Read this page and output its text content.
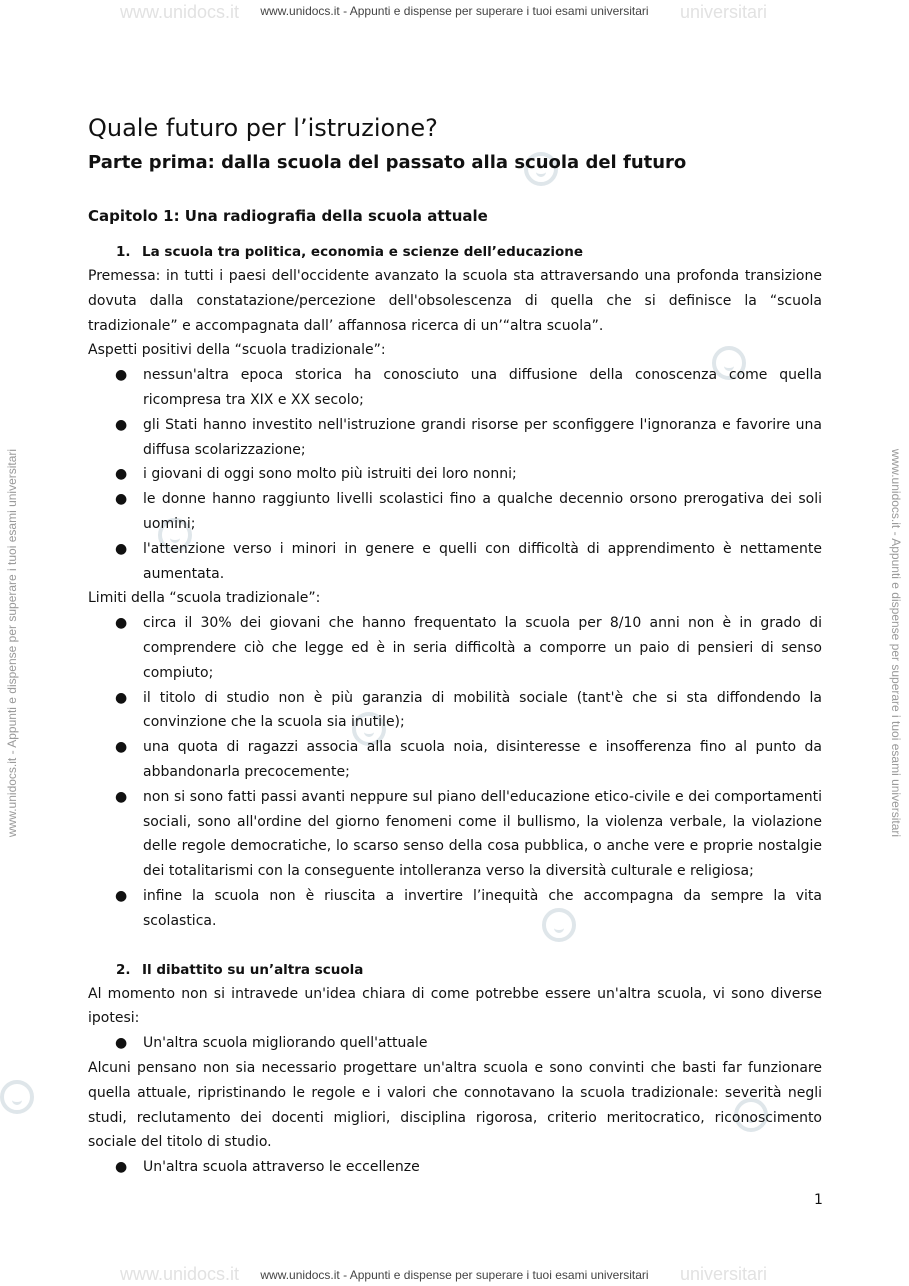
www.unidocs.it - Appunti e dispense per superare i tuoi esami universitari
www.unidocs.it - Appunti e dispense per superare i tuoi esami universitari
www.unidocs.it - Appunti e dispense per superare i tuoi esami universitari	www.unidocs.it - Appunti e dispense per superare i tuoi esami universitari
www.unidocs.it	universitari
www.unidocs.it	universitari
Quale futuro per l’istruzione?
Parte prima: dalla scuola del passato alla scuola del futuro
Capitolo 1: Una radiografia della scuola attuale
1. La scuola tra politica, economia e scienze dell’educazione

Premessa: in tutti i paesi dell'occidente avanzato la scuola sta attraversando una profonda transizione dovuta dalla constatazione/percezione dell'obsolescenza di quella che si definisce la “scuola tradizionale” e accompagnata dall’ affannosa ricerca di un’“altra scuola”.

Aspetti positivi della “scuola tradizionale”:

● nessun'altra epoca storica ha conosciuto una diffusione della conoscenza come quella ricompresa tra XIX e XX secolo;
● gli Stati hanno investito nell'istruzione grandi risorse per sconfiggere l'ignoranza e favorire una diffusa scolarizzazione;
● i giovani di oggi sono molto più istruiti dei loro nonni;
● le donne hanno raggiunto livelli scolastici fino a qualche decennio orsono prerogativa dei soli uomini;
● l'attenzione verso i minori in genere e quelli con difficoltà di apprendimento è nettamente aumentata.

Limiti della “scuola tradizionale”:

● circa il 30% dei giovani che hanno frequentato la scuola per 8/10 anni non è in grado di comprendere ciò che legge ed è in seria difficoltà a comporre un paio di pensieri di senso compiuto;
● il titolo di studio non è più garanzia di mobilità sociale (tant'è che si sta diffondendo la convinzione che la scuola sia inutile);
● una quota di ragazzi associa alla scuola noia, disinteresse e insofferenza fino al punto da abbandonarla precocemente;
● non si sono fatti passi avanti neppure sul piano dell'educazione etico-civile e dei comportamenti sociali, sono all'ordine del giorno fenomeni come il bullismo, la violenza verbale, la violazione delle regole democratiche, lo scarso senso della cosa pubblica, o anche vere e proprie nostalgie dei totalitarismi con la conseguente intolleranza verso la diversità culturale e religiosa;
● infine la scuola non è riuscita a invertire l’inequità che accompagna da sempre la vita scolastica.
2. Il dibattito su un’altra scuola

Al momento non si intravede un'idea chiara di come potrebbe essere un'altra scuola, vi sono diverse ipotesi:

● Un'altra scuola migliorando quell'attuale

Alcuni pensano non sia necessario progettare un'altra scuola e sono convinti che basti far funzionare quella attuale, ripristinando le regole e i valori che connotavano la scuola tradizionale: severità negli studi, reclutamento dei docenti migliori, disciplina rigorosa, criterio meritocratico, riconoscimento sociale del titolo di studio.

● Un'altra scuola attraverso le eccellenze
1
